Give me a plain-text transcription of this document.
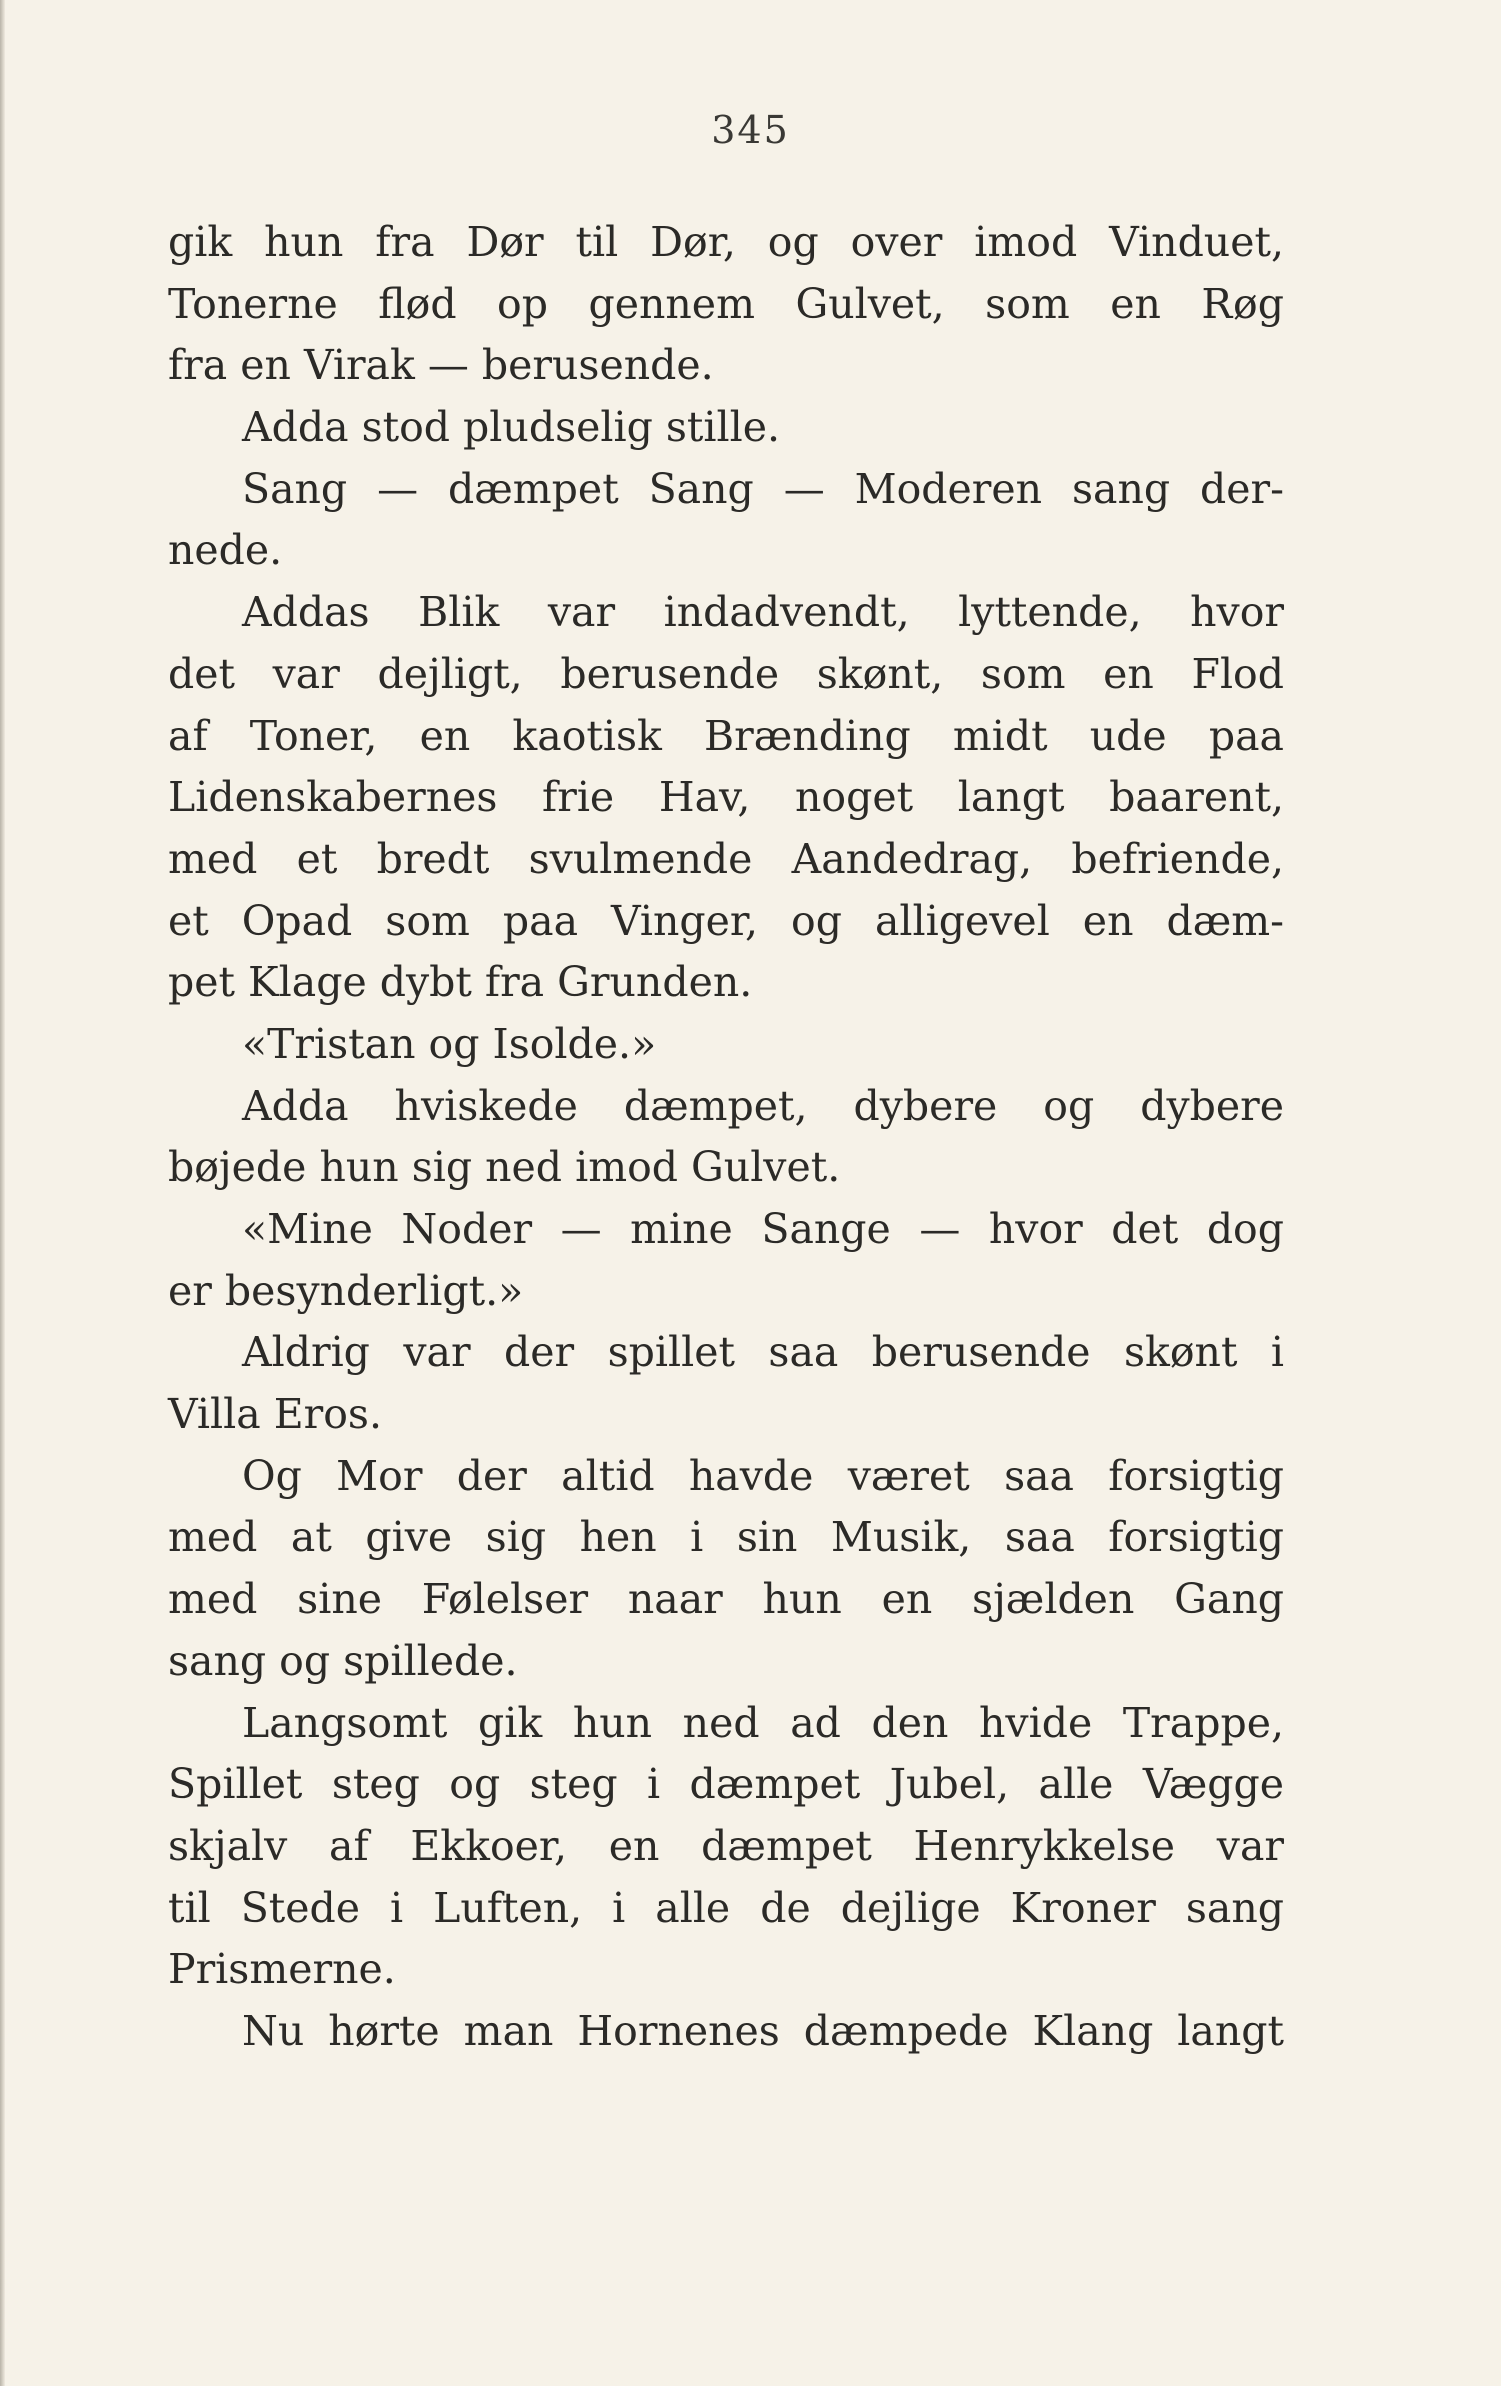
345
gik hun fra Dør til Dør, og over imod Vinduet,
Tonerne flød op gennem Gulvet, som en Røg
fra en Virak — berusende.
Adda stod pludselig stille.
Sang — dæmpet Sang — Moderen sang der-
nede.
Addas Blik var indadvendt, lyttende, hvor
det var dejligt, berusende skønt, som en Flod
af Toner, en kaotisk Brænding midt ude paa
Lidenskabernes frie Hav, noget langt baarent,
med et bredt svulmende Aandedrag, befriende,
et Opad som paa Vinger, og alligevel en dæm-
pet Klage dybt fra Grunden.
«Tristan og Isolde.»
Adda hviskede dæmpet, dybere og dybere
bøjede hun sig ned imod Gulvet.
«Mine Noder — mine Sange — hvor det dog
er besynderligt.»
Aldrig var der spillet saa berusende skønt i
Villa Eros.
Og Mor der altid havde været saa forsigtig
med at give sig hen i sin Musik, saa forsigtig
med sine Følelser naar hun en sjælden Gang
sang og spillede.
Langsomt gik hun ned ad den hvide Trappe,
Spillet steg og steg i dæmpet Jubel, alle Vægge
skjalv af Ekkoer, en dæmpet Henrykkelse var
til Stede i Luften, i alle de dejlige Kroner sang
Prismerne.
Nu hørte man Hornenes dæmpede Klang langt
